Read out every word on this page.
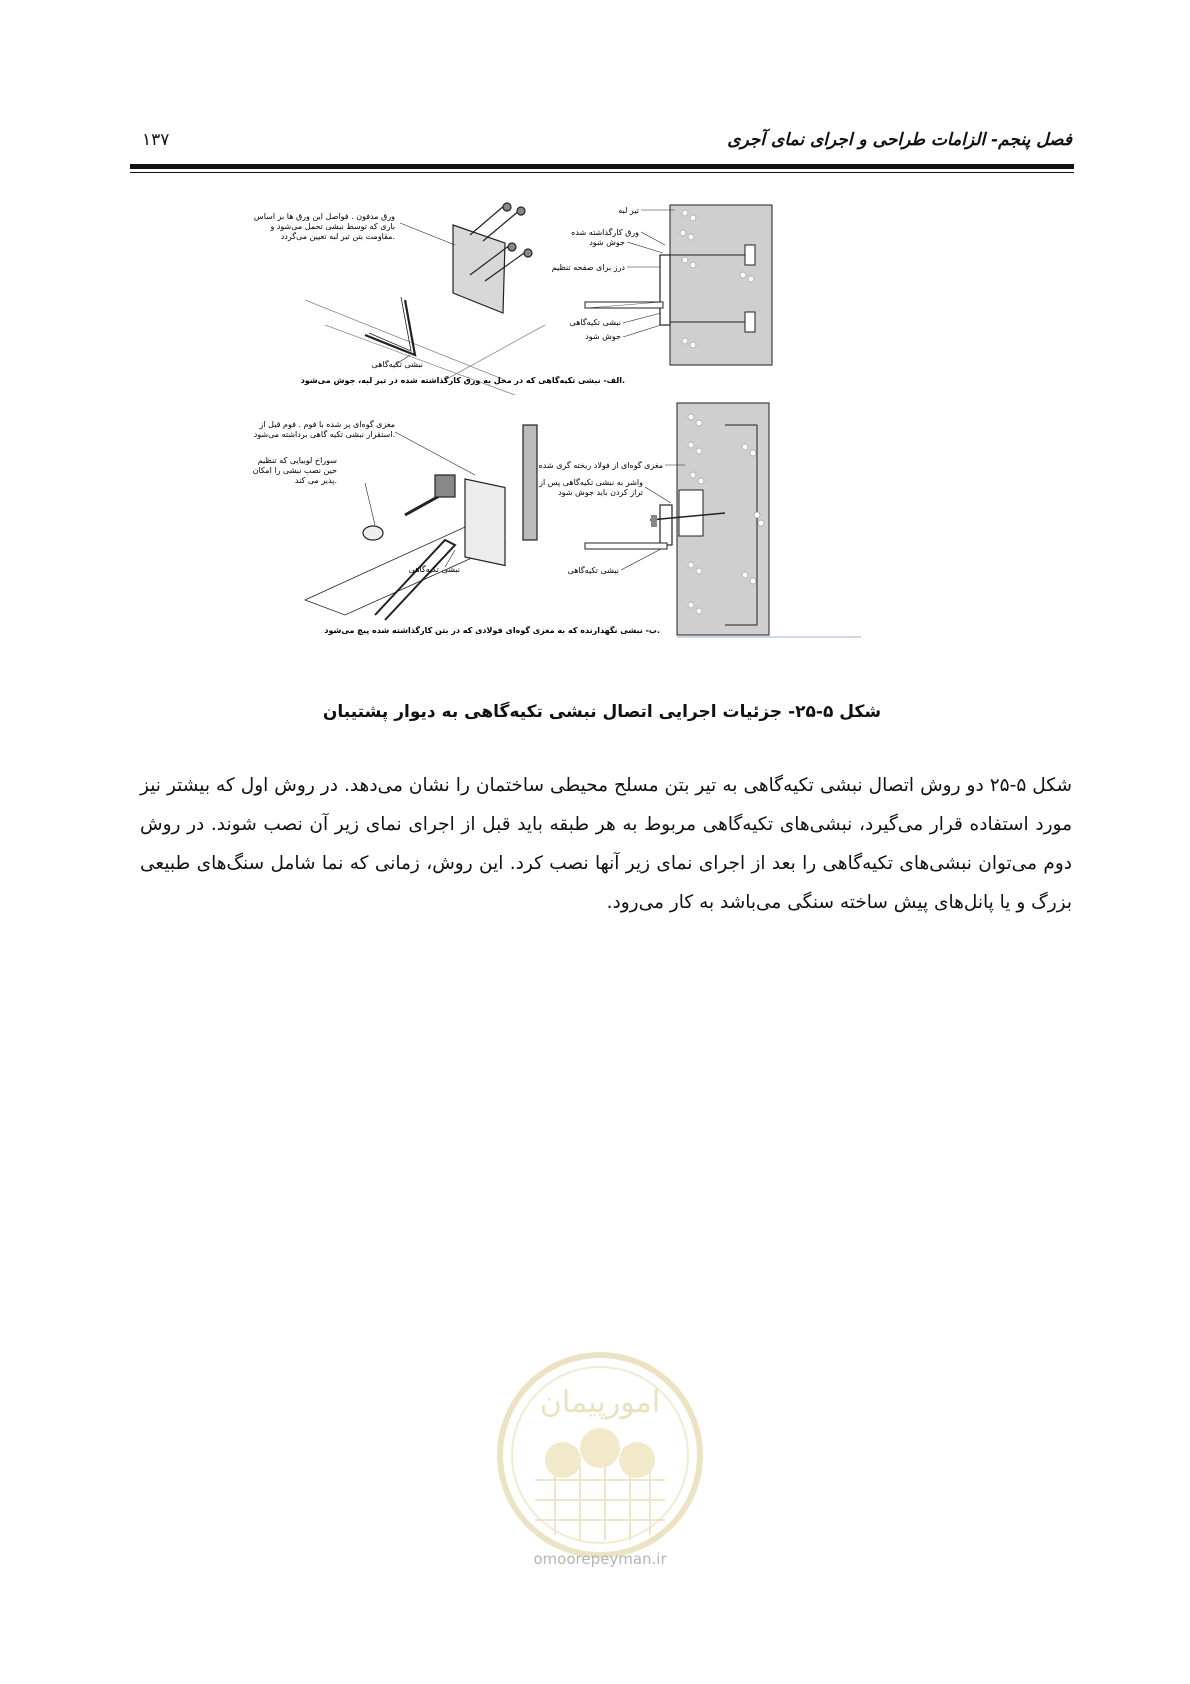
۱۳۷	فصل پنجم- الزامات طراحی و اجرای نمای آجری
ورق مدفون . فواصل این ورق ها بر اساس
باری که توسط نبشی تحمل می‌شود و
مقاومت بتن تیر لبه تعیین می‌گردد.
نبشی تکیه‌گاهی
تیر لبه
ورق کارگذاشته شده
جوش شود
درز برای صفحه تنظیم
نبشی تکیه‌گاهی
جوش شود
الف- نبشی تکیه‌گاهی که در محل به ورق کارگذاشته شده در تیر لبه، جوش می‌شود.
مغزی گوه‌ای پر شده با فوم . فوم قبل از
استقرار نبشی تکیه گاهی برداشته می‌شود.
سوراخ لوبیایی که تنظیم
حین نصب نبشی را امکان
پذیر می کند.
نبشی تکیه‌گاهی
مغزی گوه‌ای از فولاد ریخته گری شده
واشر به نبشی تکیه‌گاهی پس از
تراز کردن باید جوش شود
نبشی تکیه‌گاهی
ب- نبشی نگهدارنده که به مغزی گوه‌ای فولادی که در بتن کارگذاشته شده پیچ می‌شود.
شکل ۵-۲۵- جزئیات اجرایی اتصال نبشی تکیه‌گاهی به دیوار پشتیبان
شکل ۵-۲۵ دو روش اتصال نبشی تکیه‌گاهی به تیر بتن مسلح محیطی ساختمان را نشان می‌دهد. در روش اول که بیشتر نیز مورد استفاده قرار می‌گیرد، نبشی‌های تکیه‌گاهی مربوط به هر طبقه باید قبل از اجرای نمای زیر آن نصب شوند. در روش دوم می‌توان نبشی‌های تکیه‌گاهی را بعد از اجرای نمای زیر آنها نصب کرد. این روش، زمانی که نما شامل سنگ‌های طبیعی بزرگ و یا پانل‌های پیش ساخته سنگی می‌باشد به کار می‌رود.
امورپیمان
omoorepeyman.ir
